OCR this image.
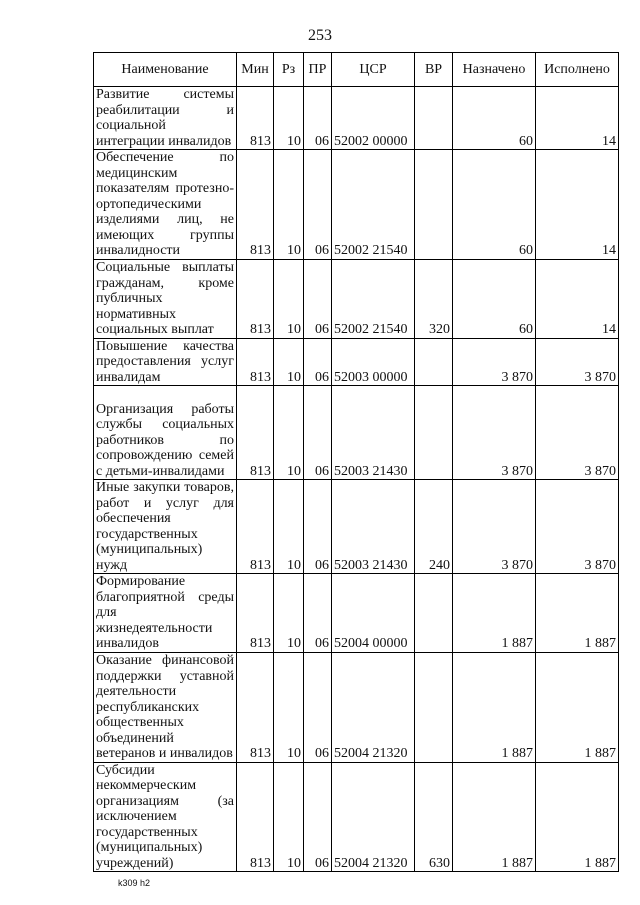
253
Наименование	Мин	Рз	ПР	ЦСР	ВР	Назначено	Исполнено
Развитие системы реабилитации и социальной интеграции инвалидов	813	10	06	52002 00000		60	14
Обеспечение по медицинским показателям протезно-ортопедическими изделиями лиц, не имеющих группы инвалидности	813	10	06	52002 21540		60	14
Социальные выплаты гражданам, кроме публичных нормативных социальных выплат	813	10	06	52002 21540	320	60	14
Повышение качества предоставления услуг инвалидам	813	10	06	52003 00000		3 870	3 870
Организация работы службы социальных работников по сопровождению семей с детьми-инвалидами	813	10	06	52003 21430		3 870	3 870
Иные закупки товаров, работ и услуг для обеспечения государственных (муниципальных) нужд	813	10	06	52003 21430	240	3 870	3 870
Формирование благоприятной среды для жизнедеятельности инвалидов	813	10	06	52004 00000		1 887	1 887
Оказание финансовой поддержки уставной деятельности республиканских общественных объединений ветеранов и инвалидов	813	10	06	52004 21320		1 887	1 887
Субсидии некоммерческим организациям (за исключением государственных (муниципальных) учреждений)	813	10	06	52004 21320	630	1 887	1 887
k309 h2
